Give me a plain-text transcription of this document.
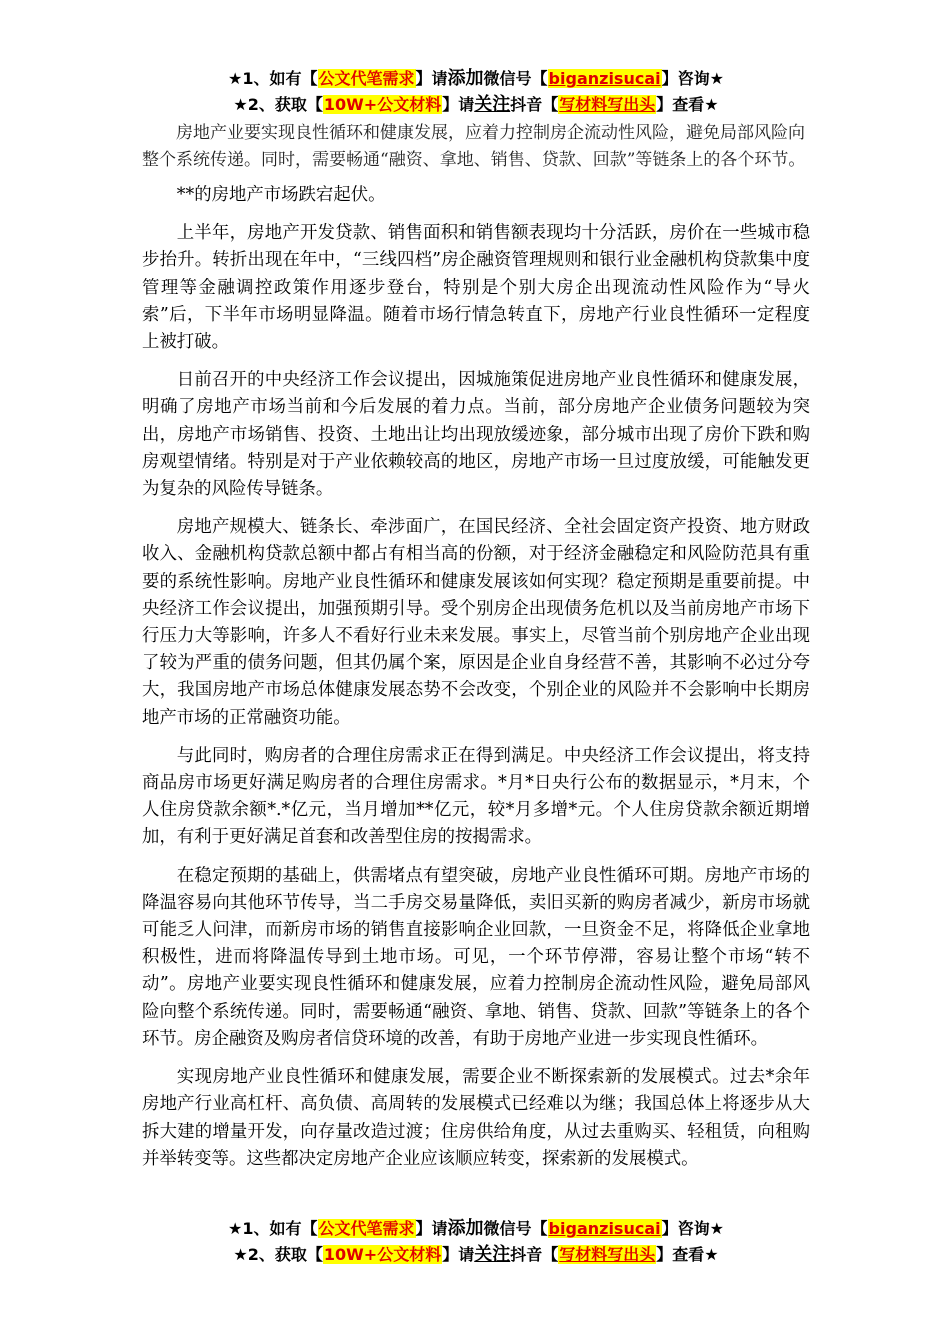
★1、如有【公文代笔需求】请添加微信号【biganzisucai】咨询★
★2、获取【10W+公文材料】请关注抖音【写材料写出头】查看★

房地产业要实现良性循环和健康发展，应着力控制房企流动性风险，避免局部风险向整个系统传递。同时，需要畅通“融资、拿地、销售、贷款、回款”等链条上的各个环节。

**的房地产市场跌宕起伏。

上半年，房地产开发贷款、销售面积和销售额表现均十分活跃，房价在一些城市稳步抬升。转折出现在年中，“三线四档”房企融资管理规则和银行业金融机构贷款集中度管理等金融调控政策作用逐步登台，特别是个别大房企出现流动性风险作为“导火索”后，下半年市场明显降温。随着市场行情急转直下，房地产行业良性循环一定程度上被打破。

日前召开的中央经济工作会议提出，因城施策促进房地产业良性循环和健康发展，明确了房地产市场当前和今后发展的着力点。当前，部分房地产企业债务问题较为突出，房地产市场销售、投资、土地出让均出现放缓迹象，部分城市出现了房价下跌和购房观望情绪。特别是对于产业依赖较高的地区，房地产市场一旦过度放缓，可能触发更为复杂的风险传导链条。

房地产规模大、链条长、牵涉面广，在国民经济、全社会固定资产投资、地方财政收入、金融机构贷款总额中都占有相当高的份额，对于经济金融稳定和风险防范具有重要的系统性影响。房地产业良性循环和健康发展该如何实现？稳定预期是重要前提。中央经济工作会议提出，加强预期引导。受个别房企出现债务危机以及当前房地产市场下行压力大等影响，许多人不看好行业未来发展。事实上，尽管当前个别房地产企业出现了较为严重的债务问题，但其仍属个案，原因是企业自身经营不善，其影响不必过分夸大，我国房地产市场总体健康发展态势不会改变，个别企业的风险并不会影响中长期房地产市场的正常融资功能。

与此同时，购房者的合理住房需求正在得到满足。中央经济工作会议提出，将支持商品房市场更好满足购房者的合理住房需求。*月*日央行公布的数据显示，*月末，个人住房贷款余额*.*亿元，当月增加**亿元，较*月多增*元。个人住房贷款余额近期增加，有利于更好满足首套和改善型住房的按揭需求。

在稳定预期的基础上，供需堵点有望突破，房地产业良性循环可期。房地产市场的降温容易向其他环节传导，当二手房交易量降低，卖旧买新的购房者减少，新房市场就可能乏人问津，而新房市场的销售直接影响企业回款，一旦资金不足，将降低企业拿地积极性，进而将降温传导到土地市场。可见，一个环节停滞，容易让整个市场“转不动”。房地产业要实现良性循环和健康发展，应着力控制房企流动性风险，避免局部风险向整个系统传递。同时，需要畅通“融资、拿地、销售、贷款、回款”等链条上的各个环节。房企融资及购房者信贷环境的改善，有助于房地产业进一步实现良性循环。

实现房地产业良性循环和健康发展，需要企业不断探索新的发展模式。过去*余年房地产行业高杠杆、高负债、高周转的发展模式已经难以为继；我国总体上将逐步从大拆大建的增量开发，向存量改造过渡；住房供给角度，从过去重购买、轻租赁，向租购并举转变等。这些都决定房地产企业应该顺应转变，探索新的发展模式。

★1、如有【公文代笔需求】请添加微信号【biganzisucai】咨询★
★2、获取【10W+公文材料】请关注抖音【写材料写出头】查看★
